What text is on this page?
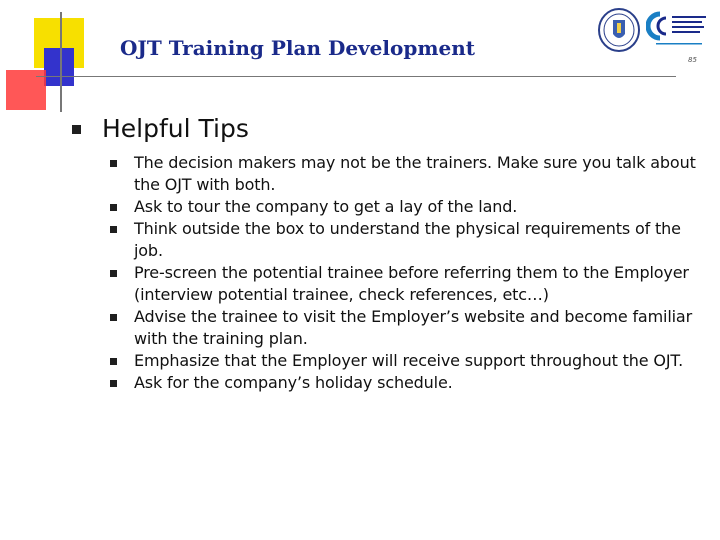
OJT Training Plan Development	85
Helpful Tips
The decision makers may not be the trainers. Make sure you talk about the OJT with both.
Ask to tour the company to get a lay of the land.
Think outside the box to understand the physical requirements of the job.
Pre-screen the potential trainee before referring them to the Employer (interview potential trainee, check references, etc…)
Advise the trainee to visit the Employer’s website and become familiar with the training plan.
Emphasize that the Employer will receive support throughout the OJT.
Ask for the company’s holiday schedule.
